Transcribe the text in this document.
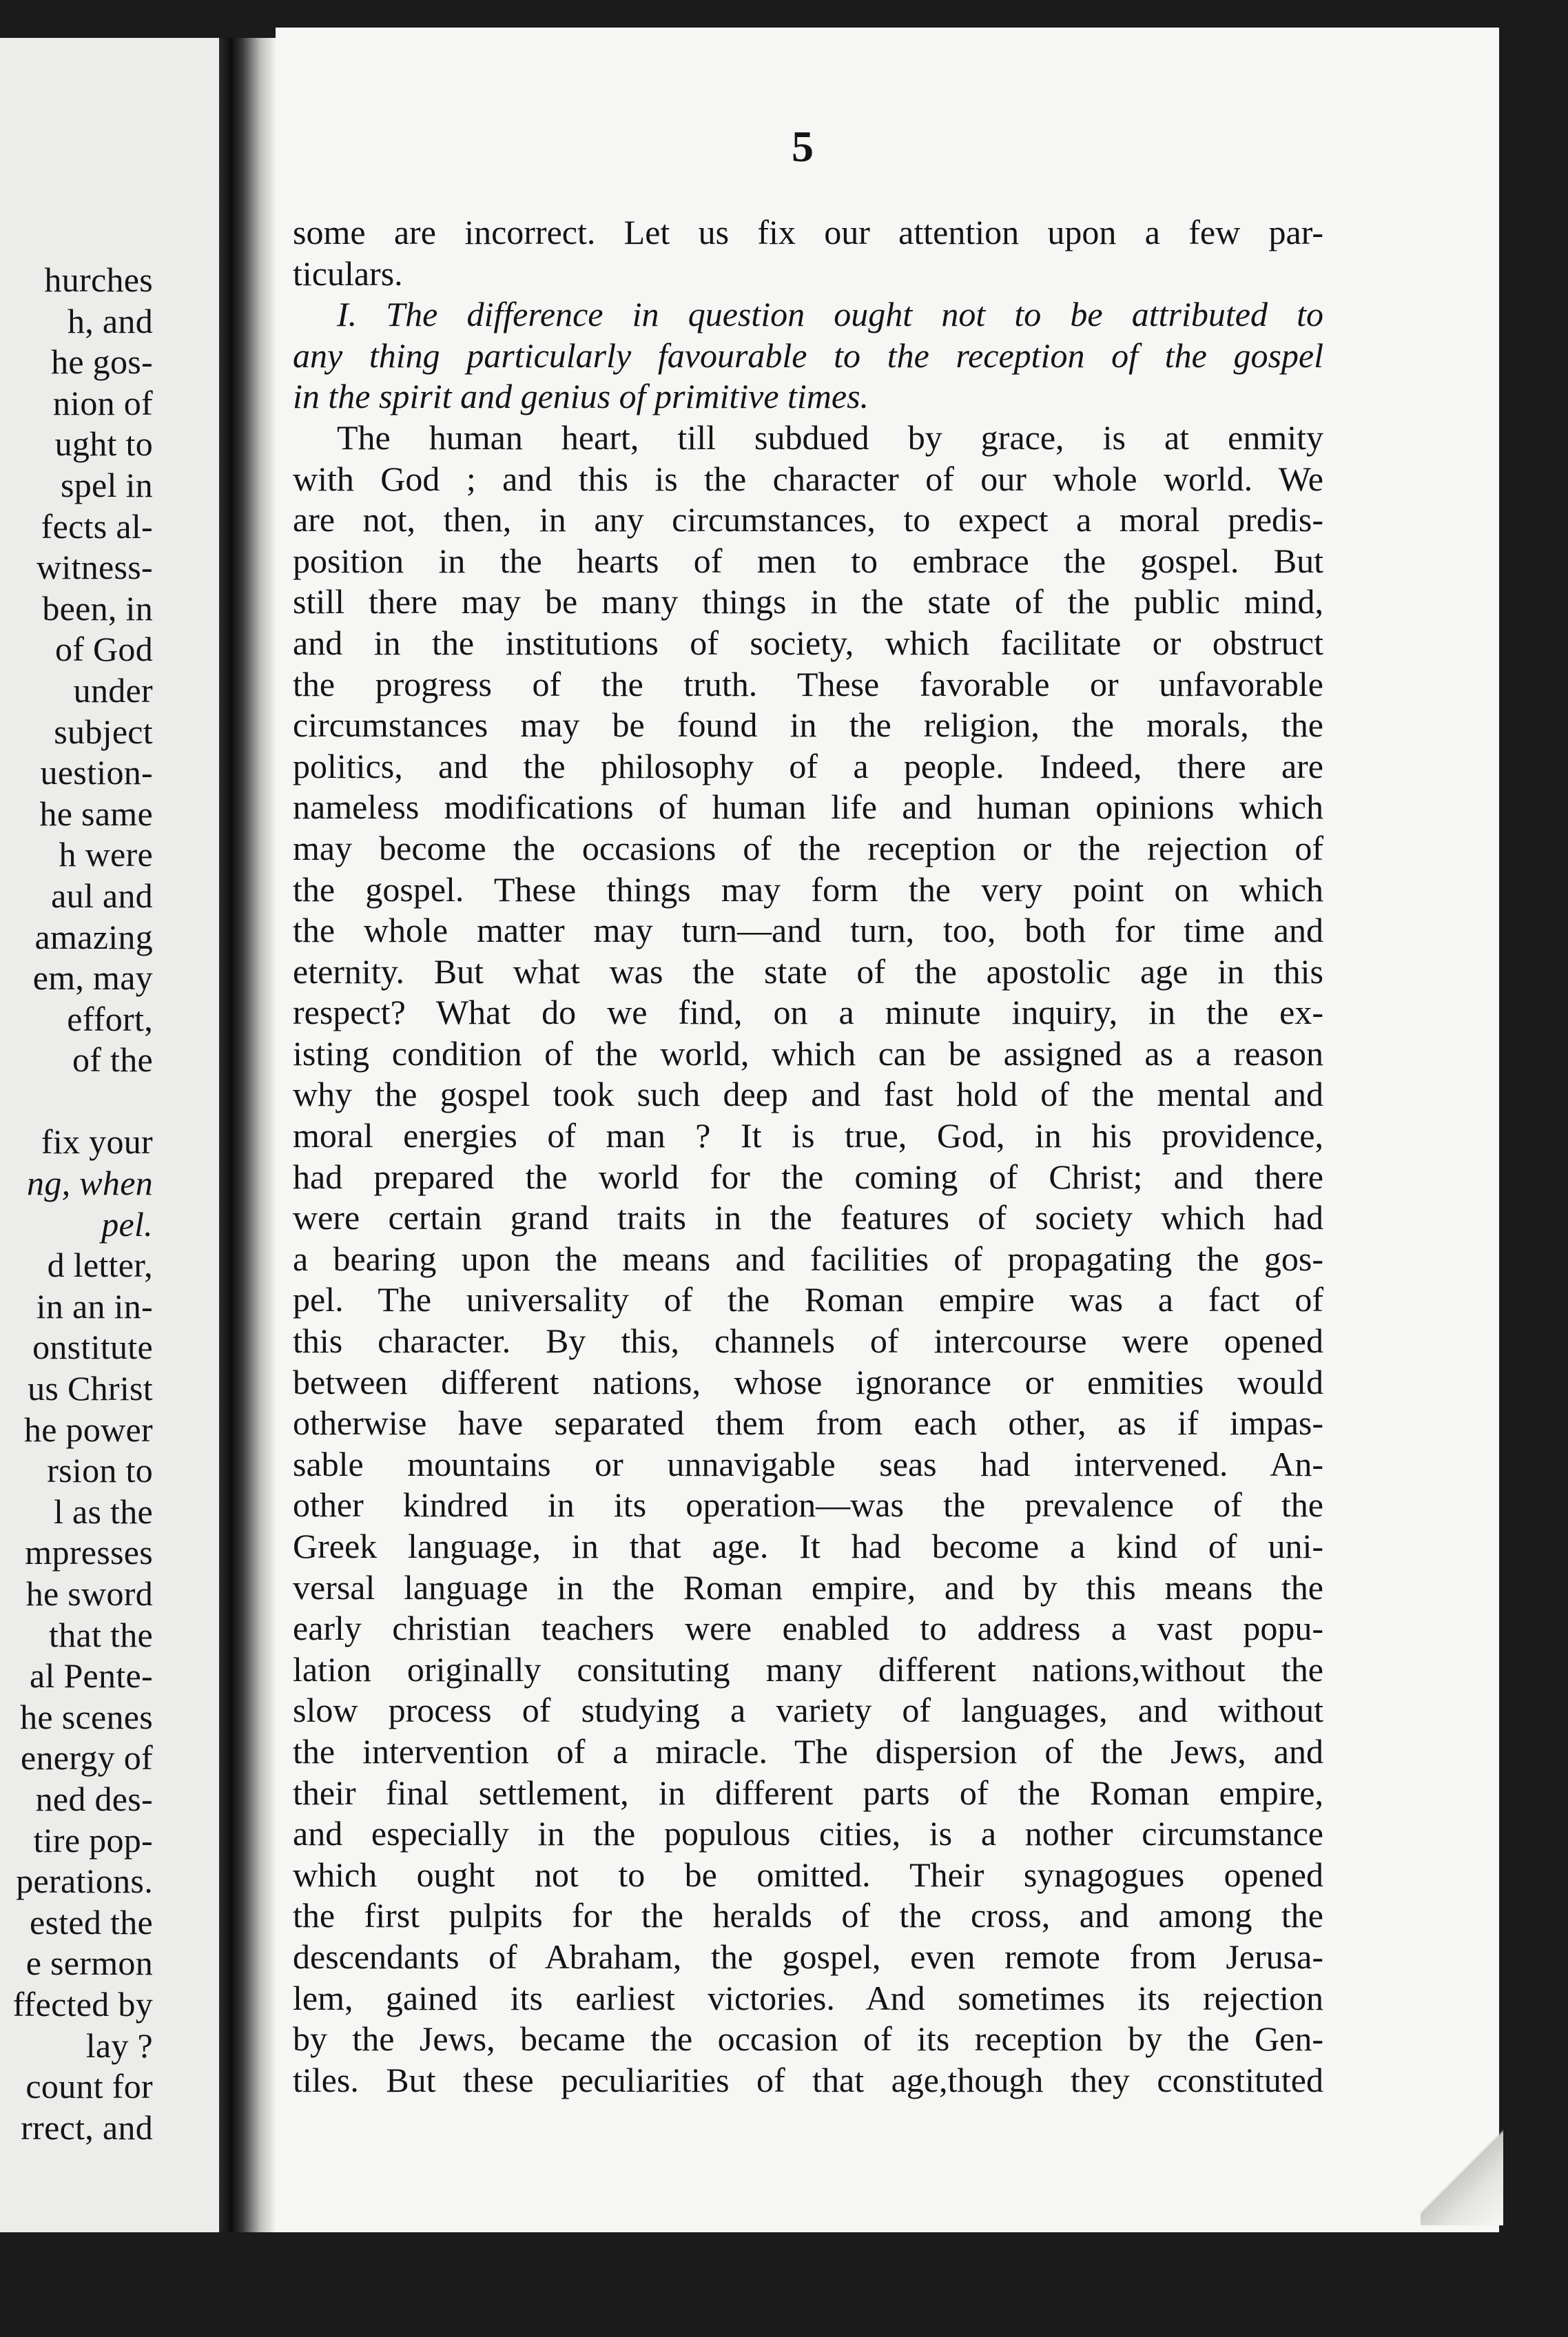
hurches
h, and
he gos-
nion of
ught to
spel in
fects al-
witness-
been, in
of God
under
subject
uestion-
he same
h were
aul and
amazing
em, may
effort,
of the
fix your
ng, when
pel.
d letter,
in an in-
onstitute
us Christ
he power
rsion to
l as the
mpresses
he sword
that the
al Pente-
he scenes
energy of
ned des-
tire pop-
perations.
ested the
e sermon
ffected by
lay ?
count for
rrect, and
5
some are incorrect. Let us fix our attention upon a few par-
ticulars.
I. The difference in question ought not to be attributed to
any thing particularly favourable to the reception of the gospel
in the spirit and genius of primitive times.
The human heart, till subdued by grace, is at enmity
with God ; and this is the character of our whole world. We
are not, then, in any circumstances, to expect a moral predis-
position in the hearts of men to embrace the gospel. But
still there may be many things in the state of the public mind,
and in the institutions of society, which facilitate or obstruct
the progress of the truth. These favorable or unfavorable
circumstances may be found in the religion, the morals, the
politics, and the philosophy of a people. Indeed, there are
nameless modifications of human life and human opinions which
may become the occasions of the reception or the rejection of
the gospel. These things may form the very point on which
the whole matter may turn—and turn, too, both for time and
eternity. But what was the state of the apostolic age in this
respect? What do we find, on a minute inquiry, in the ex-
isting condition of the world, which can be assigned as a reason
why the gospel took such deep and fast hold of the mental and
moral energies of man ? It is true, God, in his providence,
had prepared the world for the coming of Christ; and there
were certain grand traits in the features of society which had
a bearing upon the means and facilities of propagating the gos-
pel. The universality of the Roman empire was a fact of
this character. By this, channels of intercourse were opened
between different nations, whose ignorance or enmities would
otherwise have separated them from each other, as if impas-
sable mountains or unnavigable seas had intervened. An-
other kindred in its operation—was the prevalence of the
Greek language, in that age. It had become a kind of uni-
versal language in the Roman empire, and by this means the
early christian teachers were enabled to address a vast popu-
lation originally consituting many different nations,without the
slow process of studying a variety of languages, and without
the intervention of a miracle. The dispersion of the Jews, and
their final settlement, in different parts of the Roman empire,
and especially in the populous cities, is a nother circumstance
which ought not to be omitted. Their synagogues opened
the first pulpits for the heralds of the cross, and among the
descendants of Abraham, the gospel, even remote from Jerusa-
lem, gained its earliest victories. And sometimes its rejection
by the Jews, became the occasion of its reception by the Gen-
tiles. But these peculiarities of that age,though they cconstituted
